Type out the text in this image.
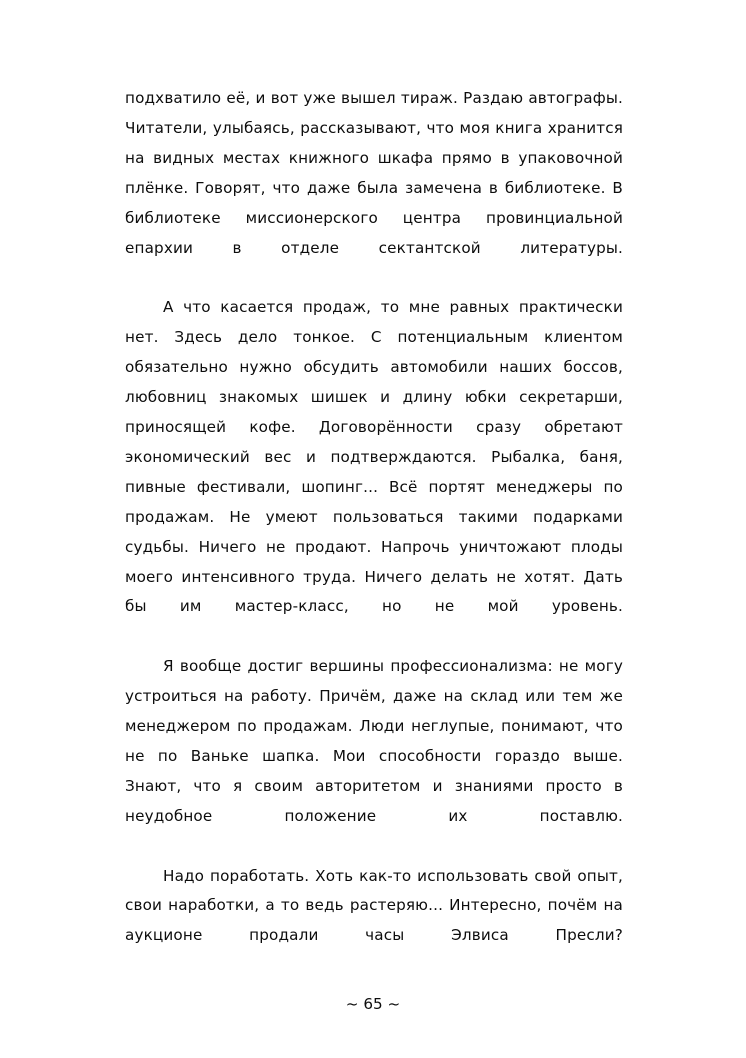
подхватило её, и вот уже вышел тираж. Раздаю автографы. Читатели, улыбаясь, рассказывают, что моя книга хранится на видных местах книжного шкафа прямо в упаковочной плёнке. Говорят, что даже была замечена в библиотеке. В библиотеке миссионерского центра провинциальной епархии в отделе сектантской литературы.

А что касается продаж, то мне равных практически нет. Здесь дело тонкое. С потенциальным клиентом обязательно нужно обсудить автомобили наших боссов, любовниц знакомых шишек и длину юбки секретарши, приносящей кофе. Договорённости сразу обретают экономический вес и подтверждаются. Рыбалка, баня, пивные фестивали, шопинг... Всё портят менеджеры по продажам. Не умеют пользоваться такими подарками судьбы. Ничего не продают. Напрочь уничтожают плоды моего интенсивного труда. Ничего делать не хотят. Дать бы им мастер-класс, но не мой уровень.

Я вообще достиг вершины профессионализма: не могу устроиться на работу. Причём, даже на склад или тем же менеджером по продажам. Люди неглупые, понимают, что не по Ваньке шапка. Мои способности гораздо выше. Знают, что я своим авторитетом и знаниями просто в неудобное положение их поставлю.

Надо поработать. Хоть как-то использовать свой опыт, свои наработки, а то ведь растеряю... Интересно, почём на аукционе продали часы Элвиса Пресли?

~ 65 ~
